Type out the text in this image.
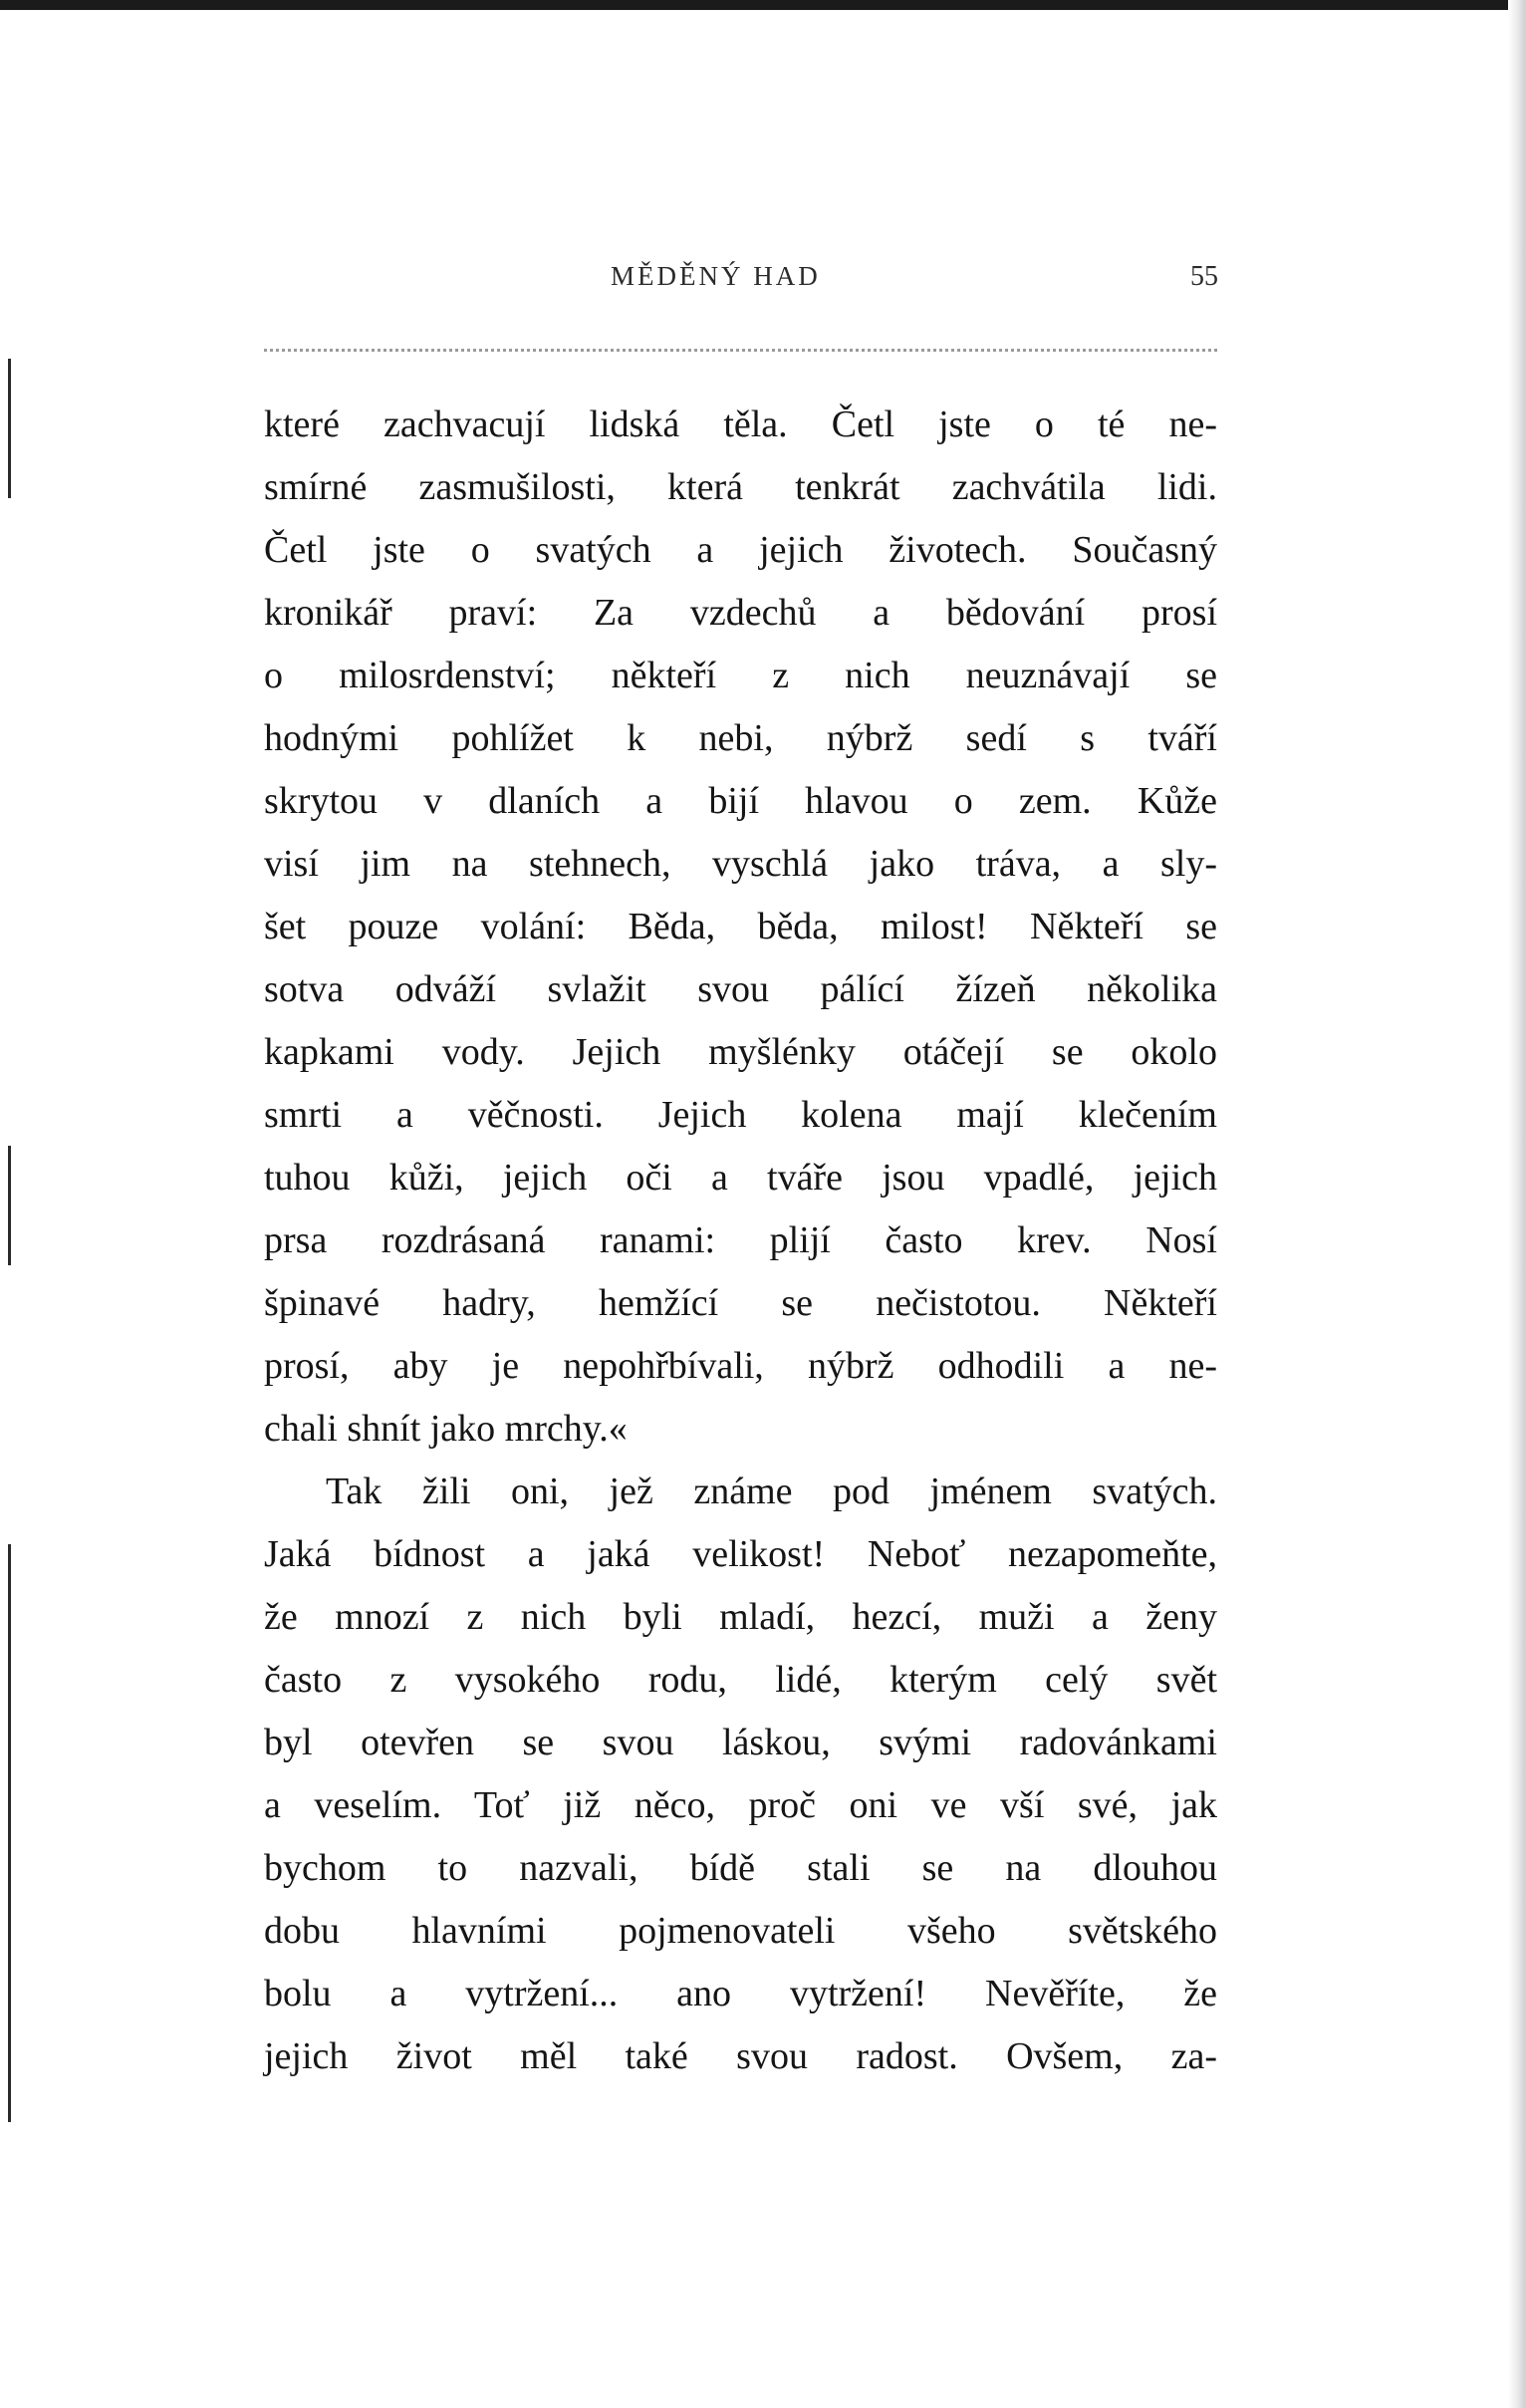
MĚDĚNÝ HAD	55
které zachvacují lidská těla. Četl jste o té ne-
smírné zasmušilosti, která tenkrát zachvátila lidi.
Četl jste o svatých a jejich životech. Současný
kronikář praví: Za vzdechů a bědování prosí
o milosrdenství; někteří z nich neuznávají se
hodnými pohlížet k nebi, nýbrž sedí s tváří
skrytou v dlaních a bijí hlavou o zem. Kůže
visí jim na stehnech, vyschlá jako tráva, a sly-
šet pouze volání: Běda, běda, milost! Někteří se
sotva odváží svlažit svou pálící žízeň několika
kapkami vody. Jejich myšlénky otáčejí se okolo
smrti a věčnosti. Jejich kolena mají klečením
tuhou kůži, jejich oči a tváře jsou vpadlé, jejich
prsa rozdrásaná ranami: plijí často krev. Nosí
špinavé hadry, hemžící se nečistotou. Někteří
prosí, aby je nepohřbívali, nýbrž odhodili a ne-
chali shnít jako mrchy.«
Tak žili oni, jež známe pod jménem svatých.
Jaká bídnost a jaká velikost! Neboť nezapomeňte,
že mnozí z nich byli mladí, hezcí, muži a ženy
často z vysokého rodu, lidé, kterým celý svět
byl otevřen se svou láskou, svými radovánkami
a veselím. Toť již něco, proč oni ve vší své, jak
bychom to nazvali, bídě stali se na dlouhou
dobu hlavními pojmenovateli všeho světského
bolu a vytržení... ano vytržení! Nevěříte, že
jejich život měl také svou radost. Ovšem, za-
